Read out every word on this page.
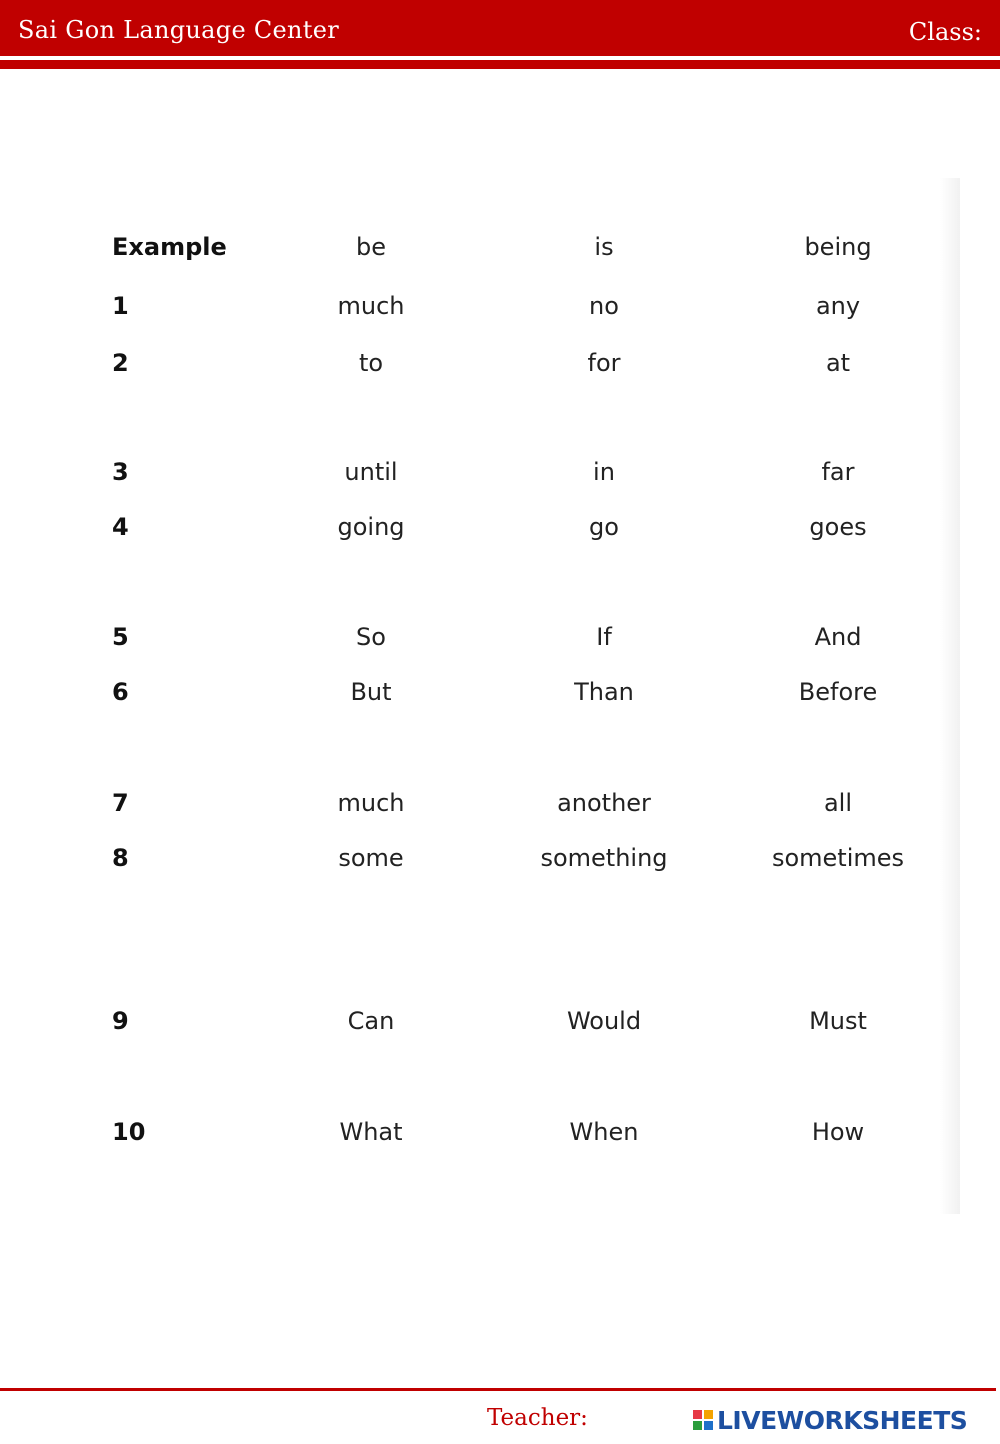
Sai Gon Language Center	Class:
Example	be	is	being
1	much	no	any
2	to	for	at
3	until	in	far
4	going	go	goes
5	So	If	And
6	But	Than	Before
7	much	another	all
8	some	something	sometimes
9	Can	Would	Must
10	What	When	How
Teacher:	LIVEWORKSHEETS
